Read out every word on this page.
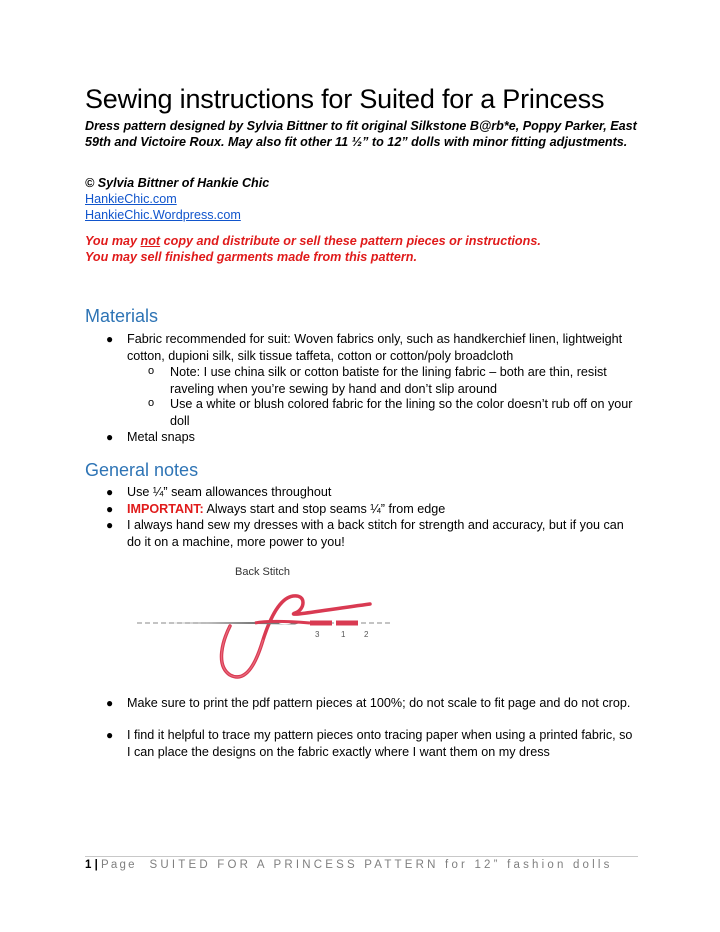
Sewing instructions for Suited for a Princess

Dress pattern designed by Sylvia Bittner to fit original Silkstone B@rb*e, Poppy Parker, East 59th and Victoire Roux. May also fit other 11 ½” to 12” dolls with minor fitting adjustments.

© Sylvia Bittner of Hankie Chic

HankieChic.com
HankieChic.Wordpress.com

You may not copy and distribute or sell these pattern pieces or instructions.

You may sell finished garments made from this pattern.

Materials
● Fabric recommended for suit: Woven fabrics only, such as handkerchief linen, lightweight cotton, dupioni silk, silk tissue taffeta, cotton or cotton/poly broadcloth
o Note: I use china silk or cotton batiste for the lining fabric – both are thin, resist raveling when you’re sewing by hand and don’t slip around
o Use a white or blush colored fabric for the lining so the color doesn’t rub off on your doll
● Metal snaps
General notes
● Use ¼” seam allowances throughout
● IMPORTANT: Always start and stop seams ¼” from edge
● I always hand sew my dresses with a back stitch for strength and accuracy, but if you can do it on a machine, more power to you!
Back Stitch
3	1 2
● Make sure to print the pdf pattern pieces at 100%; do not scale to fit page and do not crop.
● I find it helpful to trace my pattern pieces onto tracing paper when using a printed fabric, so I can place the designs on the fabric exactly where I want them on my dress
1 | Page SUITED FOR A PRINCESS PATTERN for 12” fashion dolls
